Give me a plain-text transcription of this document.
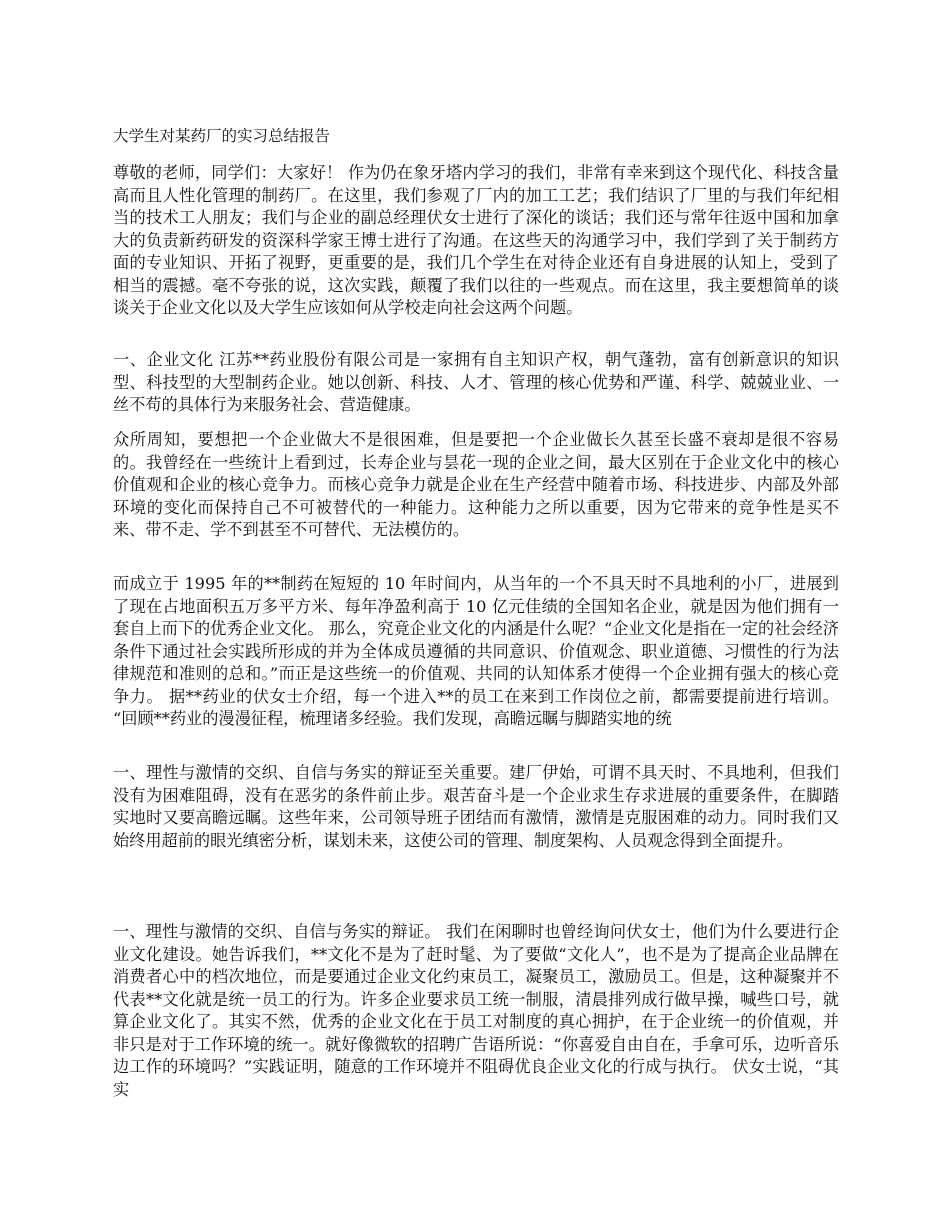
大学生对某药厂的实习总结报告

尊敬的老师，同学们：大家好！ 作为仍在象牙塔内学习的我们，非常有幸来到这个现代化、科技含量高而且人性化管理的制药厂。在这里，我们参观了厂内的加工工艺；我们结识了厂里的与我们年纪相当的技术工人朋友；我们与企业的副总经理伏女士进行了深化的谈话；我们还与常年往返中国和加拿大的负责新药研发的资深科学家王博士进行了沟通。在这些天的沟通学习中，我们学到了关于制药方面的专业知识、开拓了视野，更重要的是，我们几个学生在对待企业还有自身进展的认知上，受到了相当的震撼。毫不夸张的说，这次实践，颠覆了我们以往的一些观点。而在这里，我主要想简单的谈谈关于企业文化以及大学生应该如何从学校走向社会这两个问题。

一、企业文化 江苏**药业股份有限公司是一家拥有自主知识产权，朝气蓬勃，富有创新意识的知识型、科技型的大型制药企业。她以创新、科技、人才、管理的核心优势和严谨、科学、兢兢业业、一丝不苟的具体行为来服务社会、营造健康。

众所周知，要想把一个企业做大不是很困难，但是要把一个企业做长久甚至长盛不衰却是很不容易的。我曾经在一些统计上看到过，长寿企业与昙花一现的企业之间，最大区别在于企业文化中的核心价值观和企业的核心竞争力。而核心竞争力就是企业在生产经营中随着市场、科技进步、内部及外部环境的变化而保持自己不可被替代的一种能力。这种能力之所以重要，因为它带来的竞争性是买不来、带不走、学不到甚至不可替代、无法模仿的。

而成立于 1995 年的**制药在短短的 10 年时间内，从当年的一个不具天时不具地利的小厂，进展到了现在占地面积五万多平方米、每年净盈利高于 10 亿元佳绩的全国知名企业，就是因为他们拥有一套自上而下的优秀企业文化。 那么，究竟企业文化的内涵是什么呢？“企业文化是指在一定的社会经济条件下通过社会实践所形成的并为全体成员遵循的共同意识、价值观念、职业道德、习惯性的行为法律规范和准则的总和。”而正是这些统一的价值观、共同的认知体系才使得一个企业拥有强大的核心竞争力。 据**药业的伏女士介绍，每一个进入**的员工在来到工作岗位之前，都需要提前进行培训。 “回顾**药业的漫漫征程，梳理诸多经验。我们发现，高瞻远瞩与脚踏实地的统

一、理性与激情的交织、自信与务实的辩证至关重要。建厂伊始，可谓不具天时、不具地利，但我们没有为困难阻碍，没有在恶劣的条件前止步。艰苦奋斗是一个企业求生存求进展的重要条件，在脚踏实地时又要高瞻远瞩。这些年来，公司领导班子团结而有激情，激情是克服困难的动力。同时我们又始终用超前的眼光缜密分析，谋划未来，这使公司的管理、制度架构、人员观念得到全面提升。

一、理性与激情的交织、自信与务实的辩证。 我们在闲聊时也曾经询问伏女士，他们为什么要进行企业文化建设。她告诉我们，**文化不是为了赶时髦、为了要做“文化人”，也不是为了提高企业品牌在消费者心中的档次地位，而是要通过企业文化约束员工，凝聚员工，激励员工。但是，这种凝聚并不代表**文化就是统一员工的行为。许多企业要求员工统一制服，清晨排列成行做早操，喊些口号，就算企业文化了。其实不然，优秀的企业文化在于员工对制度的真心拥护，在于企业统一的价值观，并非只是对于工作环境的统一。就好像微软的招聘广告语所说：“你喜爱自由自在，手拿可乐，边听音乐边工作的环境吗？”实践证明，随意的工作环境并不阻碍优良企业文化的行成与执行。 伏女士说，“其实
